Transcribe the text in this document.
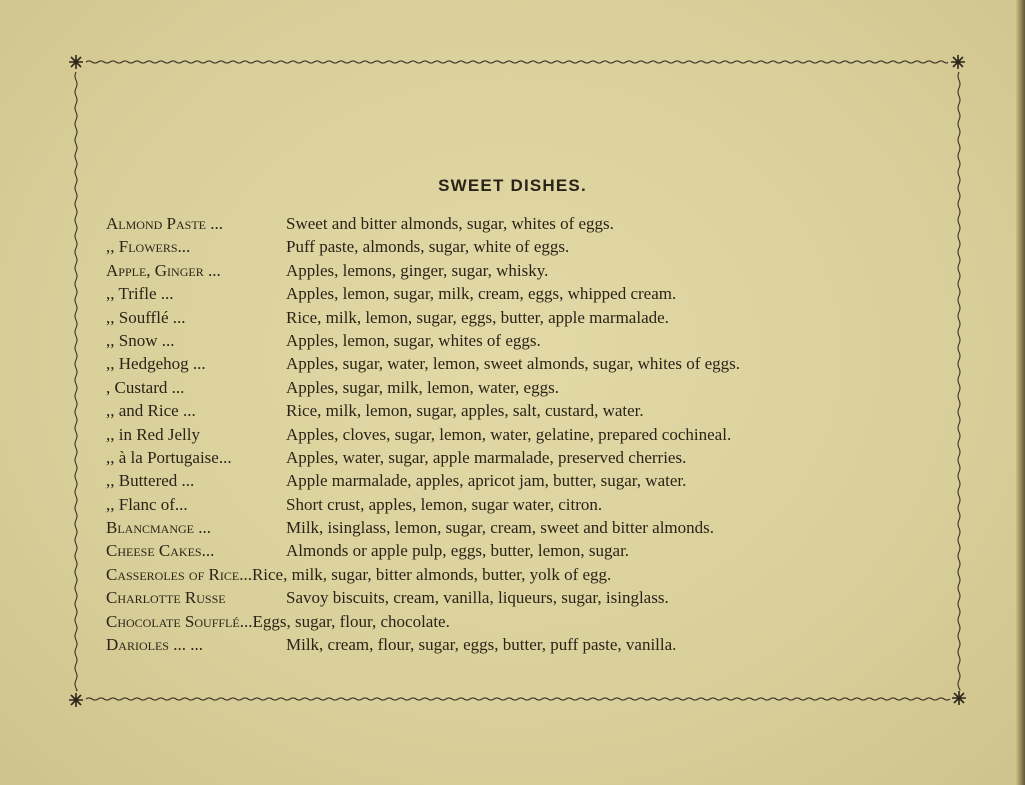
SWEET DISHES.
Almond Paste ...	Sweet and bitter almonds, sugar, whites of eggs.
,, Flowers...	Puff paste, almonds, sugar, white of eggs.
Apple, Ginger ...	Apples, lemons, ginger, sugar, whisky.
,, Trifle ...	Apples, lemon, sugar, milk, cream, eggs, whipped cream.
,, Soufflé ...	Rice, milk, lemon, sugar, eggs, butter, apple marmalade.
,, Snow ...	Apples, lemon, sugar, whites of eggs.
,, Hedgehog ...	Apples, sugar, water, lemon, sweet almonds, sugar, whites of eggs.
, Custard ...	Apples, sugar, milk, lemon, water, eggs.
,, and Rice ...	Rice, milk, lemon, sugar, apples, salt, custard, water.
,, in Red Jelly	Apples, cloves, sugar, lemon, water, gelatine, prepared cochineal.
,, à la Portugaise...	Apples, water, sugar, apple marmalade, preserved cherries.
,, Buttered ...	Apple marmalade, apples, apricot jam, butter, sugar, water.
,, Flanc of...	Short crust, apples, lemon, sugar water, citron.
Blancmange ...	Milk, isinglass, lemon, sugar, cream, sweet and bitter almonds.
Cheese Cakes...	Almonds or apple pulp, eggs, butter, lemon, sugar.
Casseroles of Rice... Rice, milk, sugar, bitter almonds, butter, yolk of egg.
Charlotte Russe	Savoy biscuits, cream, vanilla, liqueurs, sugar, isinglass.
Chocolate Soufflé... Eggs, sugar, flour, chocolate.
Darioles ... ...	Milk, cream, flour, sugar, eggs, butter, puff paste, vanilla.
